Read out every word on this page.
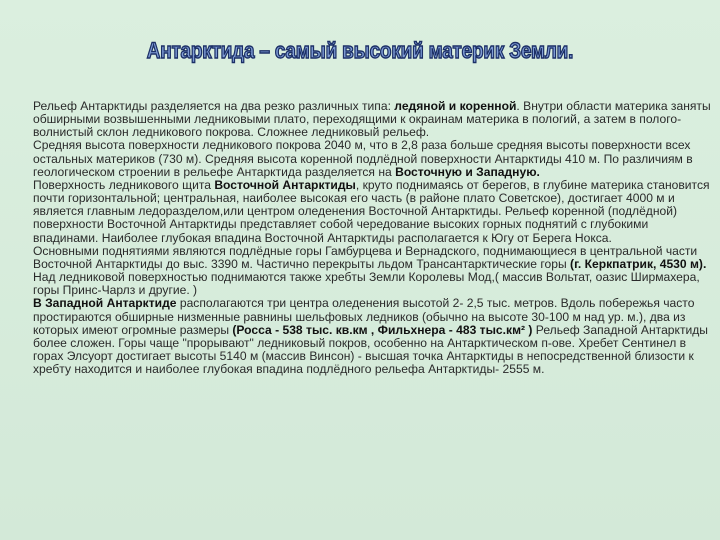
Антарктида – самый высокий материк Земли.

Рельеф Антарктиды разделяется на два резко различных типа: ледяной и коренной. Внутри области материка заняты обширными возвышенными ледниковыми плато, переходящими к окраинам материка в пологий, а затем в полого-волнистый склон ледникового покрова. Сложнее ледниковый рельеф.

Средняя высота поверхности ледникового покрова 2040 м, что в 2,8 раза больше средняя высоты поверхности всех остальных материков (730 м). Средняя высота коренной подлёдной поверхности Антарктиды 410 м. По различиям в геологическом строении в рельефе Антарктида разделяется на Восточную и Западную.

Поверхность ледникового щита Восточной Антарктиды, круто поднимаясь от берегов, в глубине материка становится почти горизонтальной; центральная, наиболее высокая его часть (в районе плато Советское), достигает 4000 м и является главным ледоразделом,или центром оледенения Восточной Антарктиды. Рельеф коренной (подлёдной) поверхности Восточной Антарктиды представляет собой чередование высоких горных поднятий с глубокими впадинами. Наиболее глубокая впадина Восточной Антарктиды располагается к Югу от Берега Нокса.

Основными поднятиями являются подлёдные горы Гамбурцева и Вернадского, поднимающиеся в центральной части Восточной Антарктиды до выс. 3390 м. Частично перекрыты льдом Трансантарктические горы (г. Керкпатрик, 4530 м).

Над ледниковой поверхностью поднимаются также хребты Земли Королевы Мод,( массив Вольтат, оазис Ширмахера, горы Принс-Чарлз и другие. )

В Западной Антарктиде располагаются три центра оледенения высотой 2- 2,5 тыс. метров. Вдоль побережья часто простираются обширные низменные равнины шельфовых ледников (обычно на высоте 30-100 м над ур. м.), два из которых имеют огромные размеры (Росса - 538 тыс. кв.км , Фильхнера - 483 тыс.км² ) Рельеф Западной Антарктиды более сложен. Горы чаще "прорывают" ледниковый покров, особенно на Антарктическом п-ове. Хребет Сентинел в горах Элсуорт достигает высоты 5140 м (массив Винсон) - высшая точка Антарктиды в непосредственной близости к хребту находится и наиболее глубокая впадина подлёдного рельефа Антарктиды- 2555 м.
